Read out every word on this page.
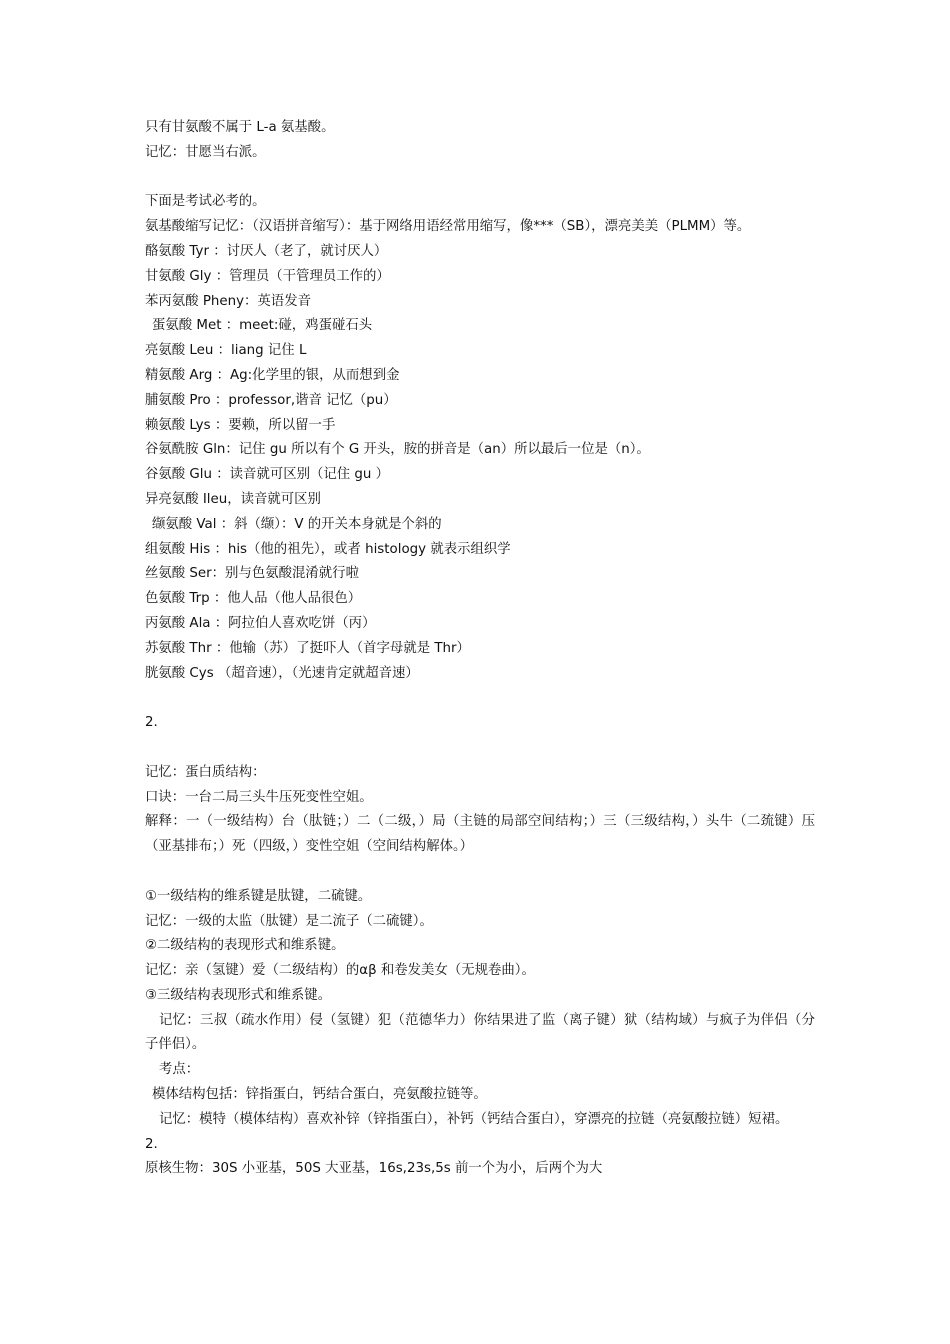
只有甘氨酸不属于 L-a 氨基酸。
记忆：甘愿当右派。
下面是考试必考的。
氨基酸缩写记忆：（汉语拼音缩写）：基于网络用语经常用缩写，像***（SB），漂亮美美（PLMM）等。
酪氨酸 Tyr ：讨厌人（老了，就讨厌人）
甘氨酸 Gly ：管理员（干管理员工作的）
苯丙氨酸 Pheny：英语发音
蛋氨酸 Met ：meet:碰，鸡蛋碰石头
亮氨酸 Leu ：liang 记住 L
精氨酸 Arg ：Ag:化学里的银，从而想到金
脯氨酸 Pro ：professor,谐音 记忆（pu）
赖氨酸 Lys ：要赖，所以留一手
谷氨酰胺 Gln：记住 gu 所以有个 G 开头，胺的拼音是（an）所以最后一位是（n）。
谷氨酸 Glu ：读音就可区别（记住 gu ）
异亮氨酸 Ileu，读音就可区别
缬氨酸 Val ：斜（缬）：V 的开关本身就是个斜的
组氨酸 His ：his（他的祖先），或者 histology 就表示组织学
丝氨酸 Ser：别与色氨酸混淆就行啦
色氨酸 Trp ：他人品（他人品很色）
丙氨酸 Ala ：阿拉伯人喜欢吃饼（丙）
苏氨酸 Thr ：他输（苏）了挺吓人（首字母就是 Thr）
胱氨酸 Cys （超音速），（光速肯定就超音速）
2.
记忆：蛋白质结构：
口诀：一台二局三头牛压死变性空姐。
解释：一（一级结构）台（肽链；）二（二级，）局（主链的局部空间结构；）三（三级结构，）头牛（二巯键）压（亚基排布；）死（四级，）变性空姐（空间结构解体。）
①一级结构的维系键是肽键，二硫键。
记忆：一级的太监（肽键）是二流子（二硫键）。
②二级结构的表现形式和维系键。
记忆：亲（氢键）爱（二级结构）的αβ 和卷发美女（无规卷曲）。
③三级结构表现形式和维系键。
记忆：三叔（疏水作用）侵（氢键）犯（范德华力）你结果进了监（离子键）狱（结构域）与疯子为伴侣（分子伴侣）。
考点：
模体结构包括：锌指蛋白，钙结合蛋白，亮氨酸拉链等。
记忆：模特（模体结构）喜欢补锌（锌指蛋白），补钙（钙结合蛋白），穿漂亮的拉链（亮氨酸拉链）短裙。
2.
原核生物：30S 小亚基，50S 大亚基，16s,23s,5s 前一个为小，后两个为大
